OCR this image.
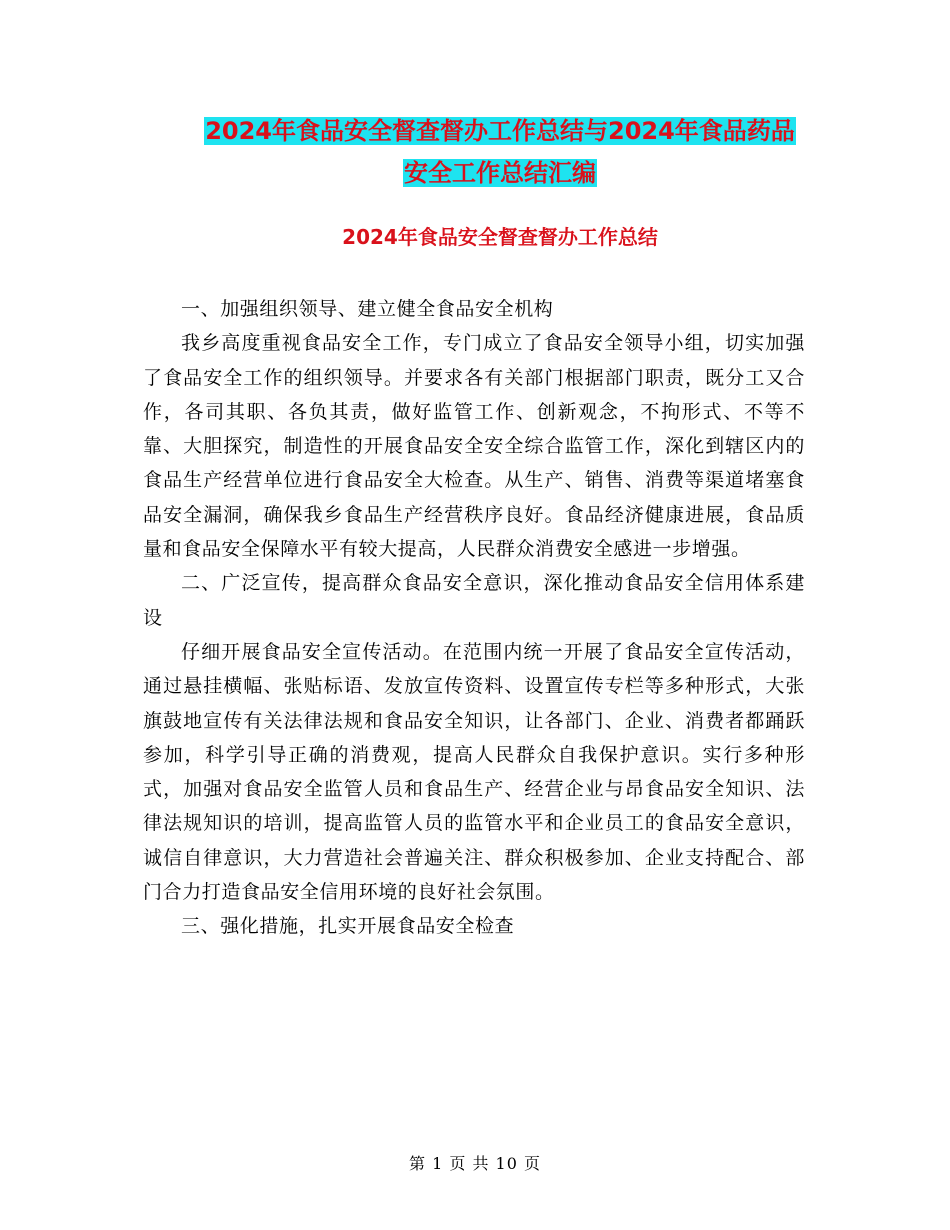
2024年食品安全督查督办工作总结与2024年食品药品
安全工作总结汇编
2024年食品安全督查督办工作总结

一、加强组织领导、建立健全食品安全机构

我乡高度重视食品安全工作，专门成立了食品安全领导小组，切实加强了食品安全工作的组织领导。并要求各有关部门根据部门职责，既分工又合作，各司其职、各负其责，做好监管工作、创新观念，不拘形式、不等不靠、大胆探究，制造性的开展食品安全安全综合监管工作，深化到辖区内的食品生产经营单位进行食品安全大检查。从生产、销售、消费等渠道堵塞食品安全漏洞，确保我乡食品生产经营秩序良好。食品经济健康进展，食品质量和食品安全保障水平有较大提高，人民群众消费安全感进一步增强。

二、广泛宣传，提高群众食品安全意识，深化推动食品安全信用体系建设

仔细开展食品安全宣传活动。在范围内统一开展了食品安全宣传活动，通过悬挂横幅、张贴标语、发放宣传资料、设置宣传专栏等多种形式，大张旗鼓地宣传有关法律法规和食品安全知识，让各部门、企业、消费者都踊跃参加，科学引导正确的消费观，提高人民群众自我保护意识。实行多种形式，加强对食品安全监管人员和食品生产、经营企业与昂食品安全知识、法律法规知识的培训，提高监管人员的监管水平和企业员工的食品安全意识，诚信自律意识，大力营造社会普遍关注、群众积极参加、企业支持配合、部门合力打造食品安全信用环境的良好社会氛围。

三、强化措施，扎实开展食品安全检查

第 1 页 共 10 页
